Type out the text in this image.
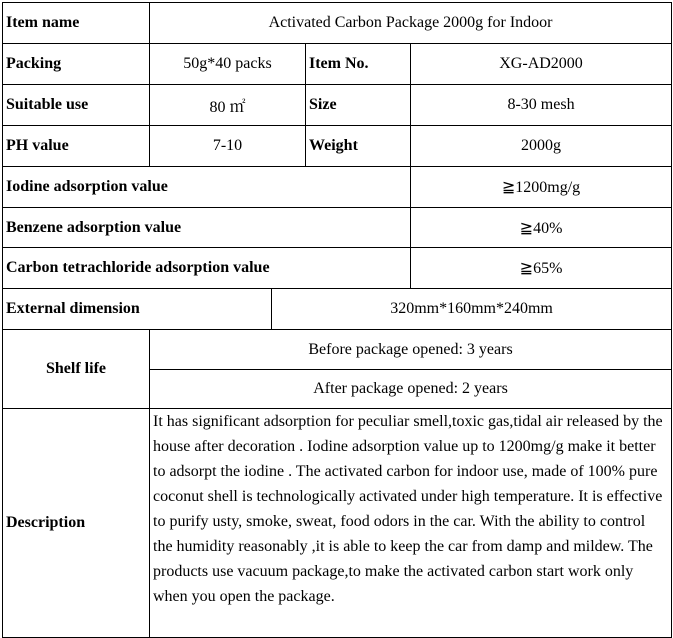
Item name	Activated Carbon Package 2000g for Indoor			
Packing	50g*40 packs		Item No.	XG-AD2000
Suitable use	80 ㎡		Size	8-30 mesh
PH value	7-10		Weight	2000g
Iodine adsorption value				≧1200mg/g
Benzene adsorption value				≧40%
Carbon tetrachloride adsorption value				≧65%
External dimension		320mm*160mm*240mm		
Shelf life	Before package opened: 3 years			
	After package opened: 2 years			
Description	It has significant adsorption for peculiar smell,toxic gas,tidal air released by the house after decoration . Iodine adsorption value up to 1200mg/g make it better to adsorpt the iodine . The activated carbon for indoor use, made of 100% pure coconut shell is technologically activated under high temperature. It is effective to purify usty, smoke, sweat, food odors in the car. With the ability to control the humidity reasonably ,it is able to keep the car from damp and mildew. The products use vacuum package,to make the activated carbon start work only when you open the package.			
